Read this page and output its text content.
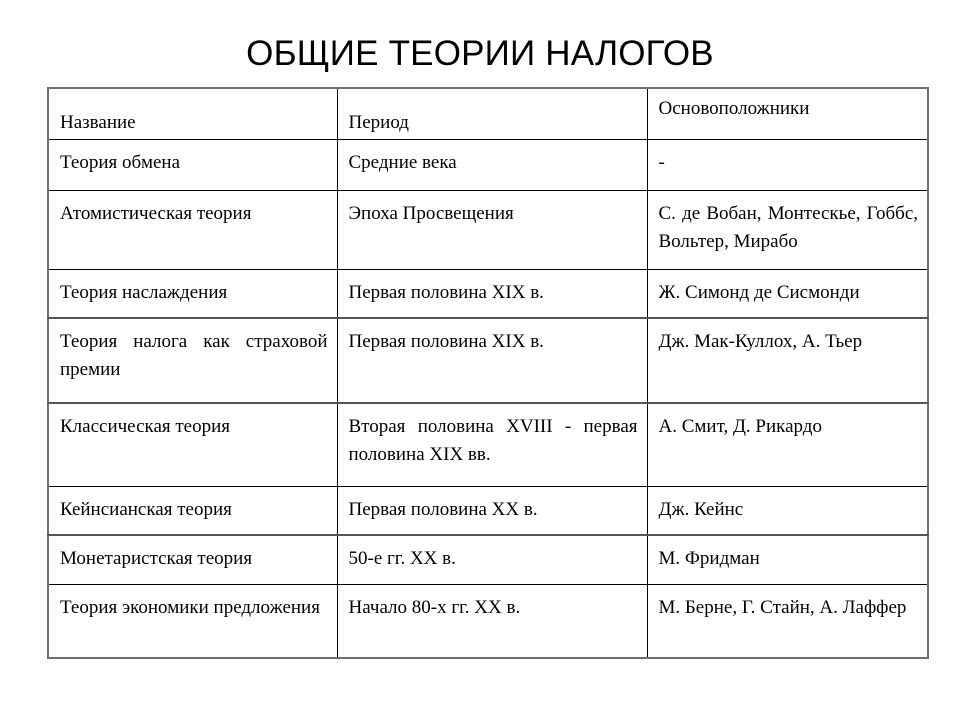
ОБЩИЕ ТЕОРИИ НАЛОГОВ
Название	Период	Основоположники
Теория обмена	Средние века	-
Атомистическая теория	Эпоха Просвещения	С. де Вобан, Монтескье, Гоббс, Вольтер, Мирабо
Теория наслаждения	Первая половина XIX в.	Ж. Симонд де Сисмонди
Теория налога как страховой премии	Первая половина XIX в.	Дж. Мак-Куллох, А. Тьер
Классическая теория	Вторая половина XVIII - первая половина XIX вв.	А. Смит, Д. Рикардо
Кейнсианская теория	Первая половина XX в.	Дж. Кейнс
Монетаристская теория	50-е гг. XX в.	М. Фридман
Теория экономики предложения	Начало 80-х гг. XX в.	М. Берне, Г. Стайн, А. Лаффер
